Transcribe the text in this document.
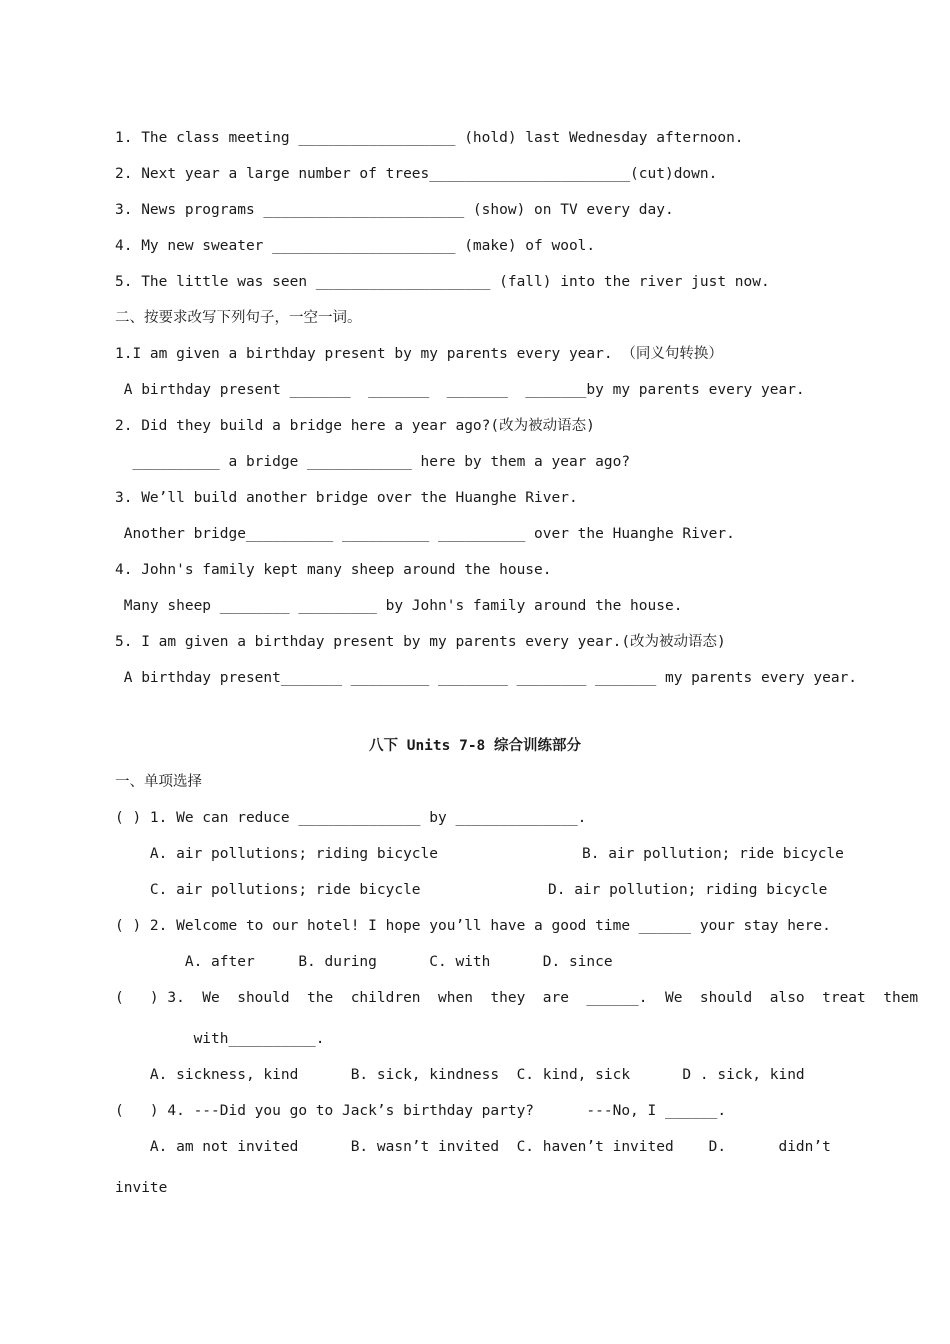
1. The class meeting __________________ (hold) last Wednesday afternoon.
2. Next year a large number of trees_______________________(cut)down.
3. News programs _______________________ (show) on TV every day.
4. My new sweater _____________________ (make) of wool.
5. The little was seen ____________________ (fall) into the river just now.
二、按要求改写下列句子，一空一词。
1.I am given a birthday present by my parents every year. （同义句转换）
A birthday present _______  _______  _______  _______by my parents every year.
2. Did they build a bridge here a year ago?(改为被动语态)
__________ a bridge ____________ here by them a year ago?
3. We’ll build another bridge over the Huanghe River.
Another bridge__________ __________ __________ over the Huanghe River.
4. John's family kept many sheep around the house.
Many sheep ________ _________ by John's family around the house.
5. I am given a birthday present by my parents every year.(改为被动语态)
A birthday present_______ _________ ________ ________ _______ my parents every year.
八下 Units 7-8 综合训练部分
一、单项选择
( ) 1. We can reduce ______________ by ______________.
A. air pollutions; riding bicycle	B. air pollution; ride bicycle
C. air pollutions; ride bicycle	D. air pollution; riding bicycle
( ) 2. Welcome to our hotel! I hope you’ll have a good time ______ your stay here.
A. after     B. during      C. with      D. since
(   ) 3.  We  should  the  children  when  they  are  ______.  We  should  also  treat  them
with__________.
A. sickness, kind      B. sick, kindness  C. kind, sick      D . sick, kind
(   ) 4. ---Did you go to Jack’s birthday party?      ---No, I ______.
A. am not invited      B. wasn’t invited  C. haven’t invited    D.      didn’t
invite
